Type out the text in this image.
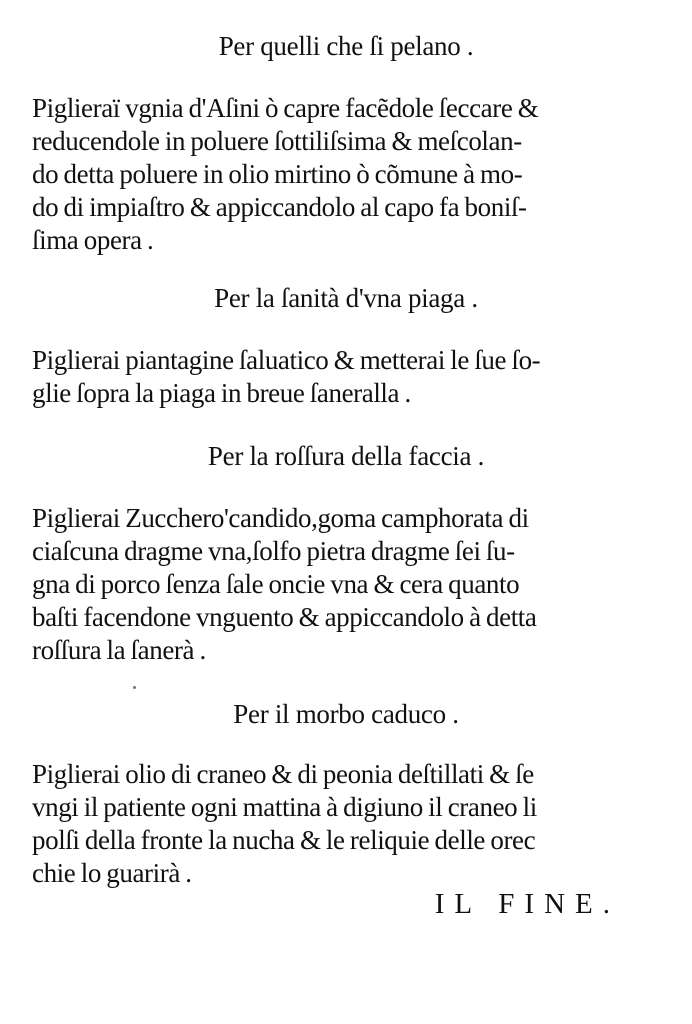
Per quelli che ſi pelano .
Piglieraï vgnia d'Aſini ò capre facẽdole ſeccare &
reducendole in poluere ſottiliſsima & meſcolan-
do detta poluere in olio mirtino ò cõmune à mo-
do di impiaſtro & appiccandolo al capo fa boniſ-
ſima opera .
Per la ſanità d'vna piaga .
Piglierai piantagine ſaluatico & metterai le ſue ſo-
glie ſopra la piaga in breue ſaneralla .
Per la roſſura della faccia .
Piglierai Zucchero'candido,goma camphorata di
ciaſcuna dragme vna,ſolfo pietra dragme ſei ſu-
gna di porco ſenza ſale oncie vna & cera quanto
baſti facendone vnguento & appiccandolo à detta
roſſura la ſanerà .
Per il morbo caduco .
Piglierai olio di craneo & di peonia deſtillati & ſe
vngi il patiente ogni mattina à digiuno il craneo li
polſi della fronte la nucha & le reliquie delle orec
chie lo guarirà .
IL FINE.
